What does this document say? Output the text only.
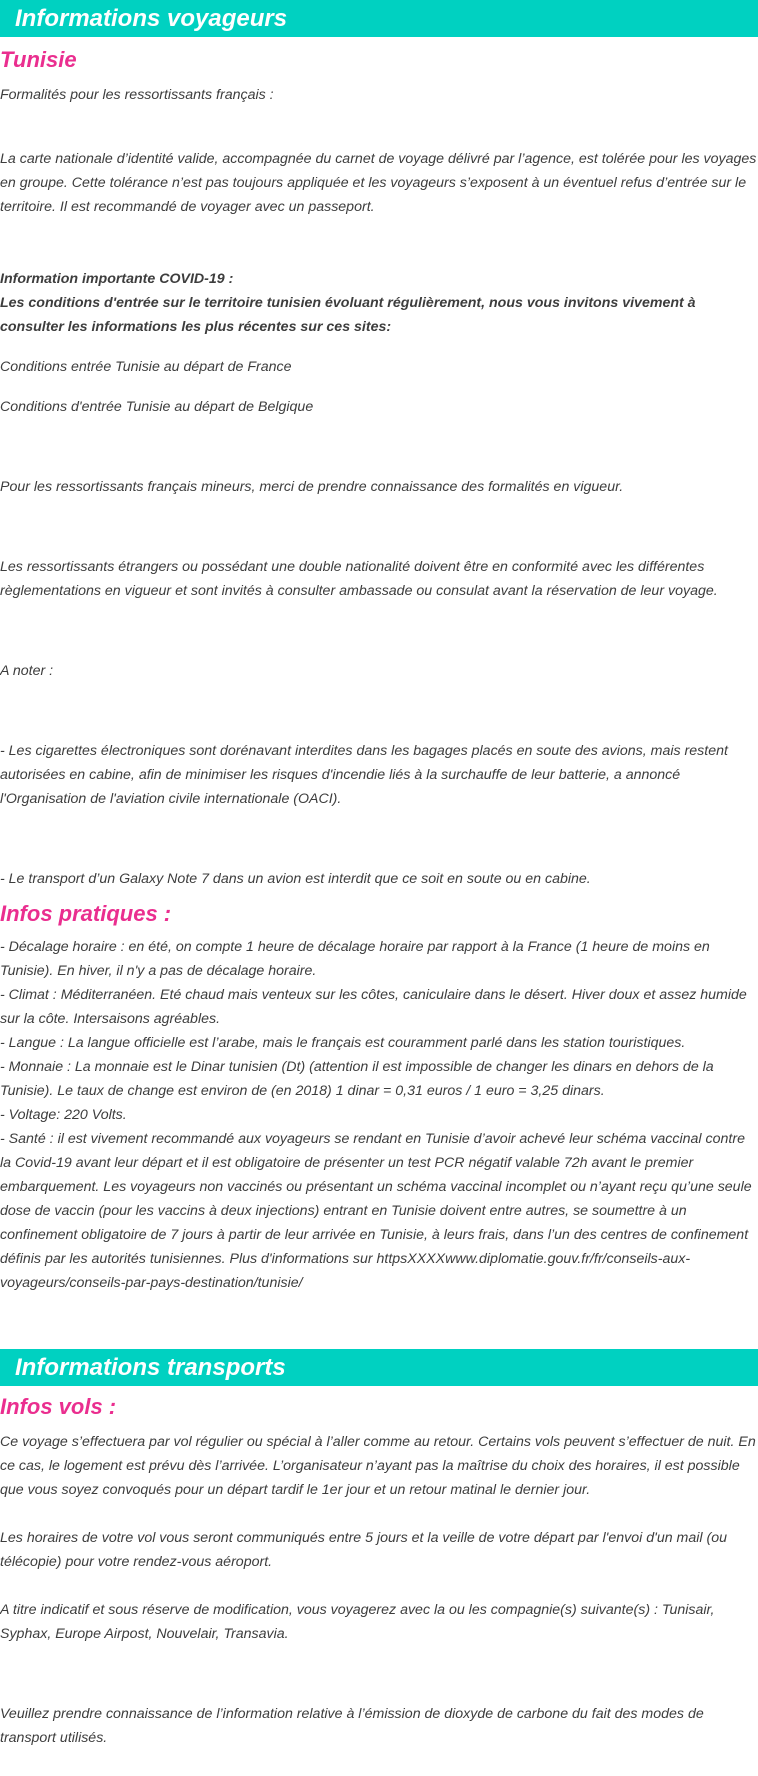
Informations voyageurs
Tunisie

Formalités pour les ressortissants français :

La carte nationale d’identité valide, accompagnée du carnet de voyage délivré par l’agence, est tolérée pour les voyages en groupe. Cette tolérance n’est pas toujours appliquée et les voyageurs s’exposent à un éventuel refus d’entrée sur le territoire. Il est recommandé de voyager avec un passeport.

Information importante COVID-19 :

Les conditions d'entrée sur le territoire tunisien évoluant régulièrement, nous vous invitons vivement à consulter les informations les plus récentes sur ces sites:

Conditions entrée Tunisie au départ de France

Conditions d'entrée Tunisie au départ de Belgique

Pour les ressortissants français mineurs, merci de prendre connaissance des formalités en vigueur.

Les ressortissants étrangers ou possédant une double nationalité doivent être en conformité avec les différentes règlementations en vigueur et sont invités à consulter ambassade ou consulat avant la réservation de leur voyage.

A noter :

- Les cigarettes électroniques sont dorénavant interdites dans les bagages placés en soute des avions, mais restent autorisées en cabine, afin de minimiser les risques d'incendie liés à la surchauffe de leur batterie, a annoncé l'Organisation de l'aviation civile internationale (OACI).

- Le transport d’un Galaxy Note 7 dans un avion est interdit que ce soit en soute ou en cabine.

Infos pratiques :

- Décalage horaire : en été, on compte 1 heure de décalage horaire par rapport à la France (1 heure de moins en Tunisie). En hiver, il n'y a pas de décalage horaire.

- Climat : Méditerranéen. Eté chaud mais venteux sur les côtes, caniculaire dans le désert. Hiver doux et assez humide sur la côte. Intersaisons agréables.

- Langue : La langue officielle est l’arabe, mais le français est couramment parlé dans les station touristiques.

- Monnaie : La monnaie est le Dinar tunisien (Dt) (attention il est impossible de changer les dinars en dehors de la Tunisie). Le taux de change est environ de (en 2018) 1 dinar = 0,31 euros / 1 euro = 3,25 dinars.

- Voltage: 220 Volts.

- Santé : il est vivement recommandé aux voyageurs se rendant en Tunisie d’avoir achevé leur schéma vaccinal contre la Covid-19 avant leur départ et il est obligatoire de présenter un test PCR négatif valable 72h avant le premier embarquement. Les voyageurs non vaccinés ou présentant un schéma vaccinal incomplet ou n’ayant reçu qu’une seule dose de vaccin (pour les vaccins à deux injections) entrant en Tunisie doivent entre autres, se soumettre à un confinement obligatoire de 7 jours à partir de leur arrivée en Tunisie, à leurs frais, dans l’un des centres de confinement définis par les autorités tunisiennes. Plus d'informations sur httpsXXXXwww.diplomatie.gouv.fr/fr/conseils-aux-voyageurs/conseils-par-pays-destination/tunisie/

Informations transports
Infos vols :

Ce voyage s’effectuera par vol régulier ou spécial à l’aller comme au retour. Certains vols peuvent s’effectuer de nuit. En ce cas, le logement est prévu dès l’arrivée. L’organisateur n’ayant pas la maîtrise du choix des horaires, il est possible que vous soyez convoqués pour un départ tardif le 1er jour et un retour matinal le dernier jour.

Les horaires de votre vol vous seront communiqués entre 5 jours et la veille de votre départ par l'envoi d'un mail (ou télécopie) pour votre rendez-vous aéroport.

A titre indicatif et sous réserve de modification, vous voyagerez avec la ou les compagnie(s) suivante(s) : Tunisair, Syphax, Europe Airpost, Nouvelair, Transavia.

Veuillez prendre connaissance de l’information relative à l’émission de dioxyde de carbone du fait des modes de transport utilisés.
